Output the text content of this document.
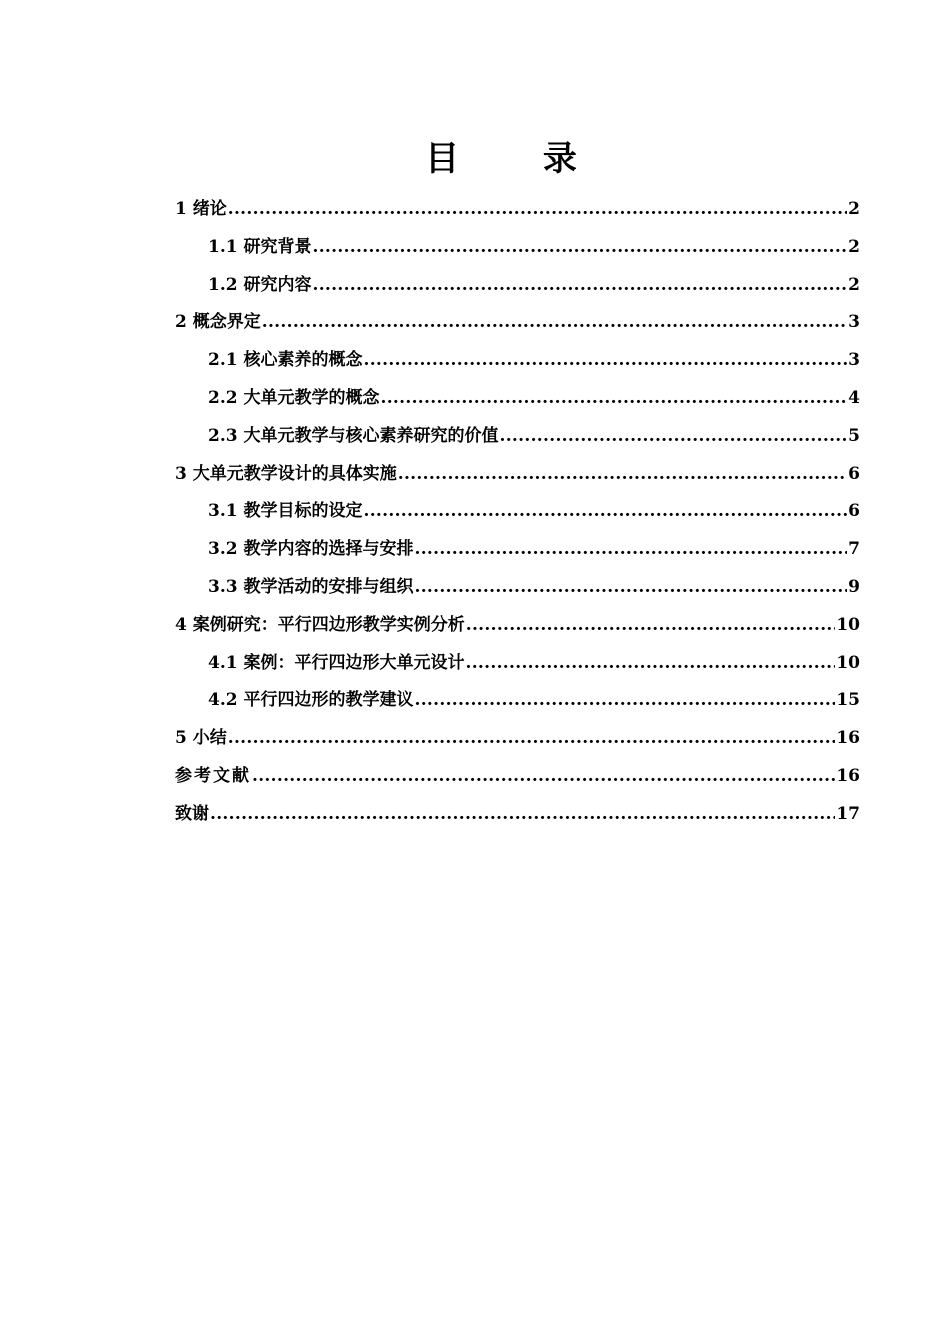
目 录
1 绪论 .....	2
1.1 研究背景 .....	2
1.2 研究内容 .....	2
2 概念界定 .....	3
2.1 核心素养的概念 .....	3
2.2 大单元教学的概念 .....	4
2.3 大单元教学与核心素养研究的价值 .....	5
3 大单元教学设计的具体实施 .....	6
3.1 教学目标的设定 .....	6
3.2 教学内容的选择与安排 .....	7
3.3 教学活动的安排与组织 .....	9
4 案例研究：平行四边形教学实例分析 .....	10
4.1 案例：平行四边形大单元设计 .....	10
4.2 平行四边形的教学建议 .....	15
5 小结 .....	16
参考文献 .....	16
致谢 .....	17
